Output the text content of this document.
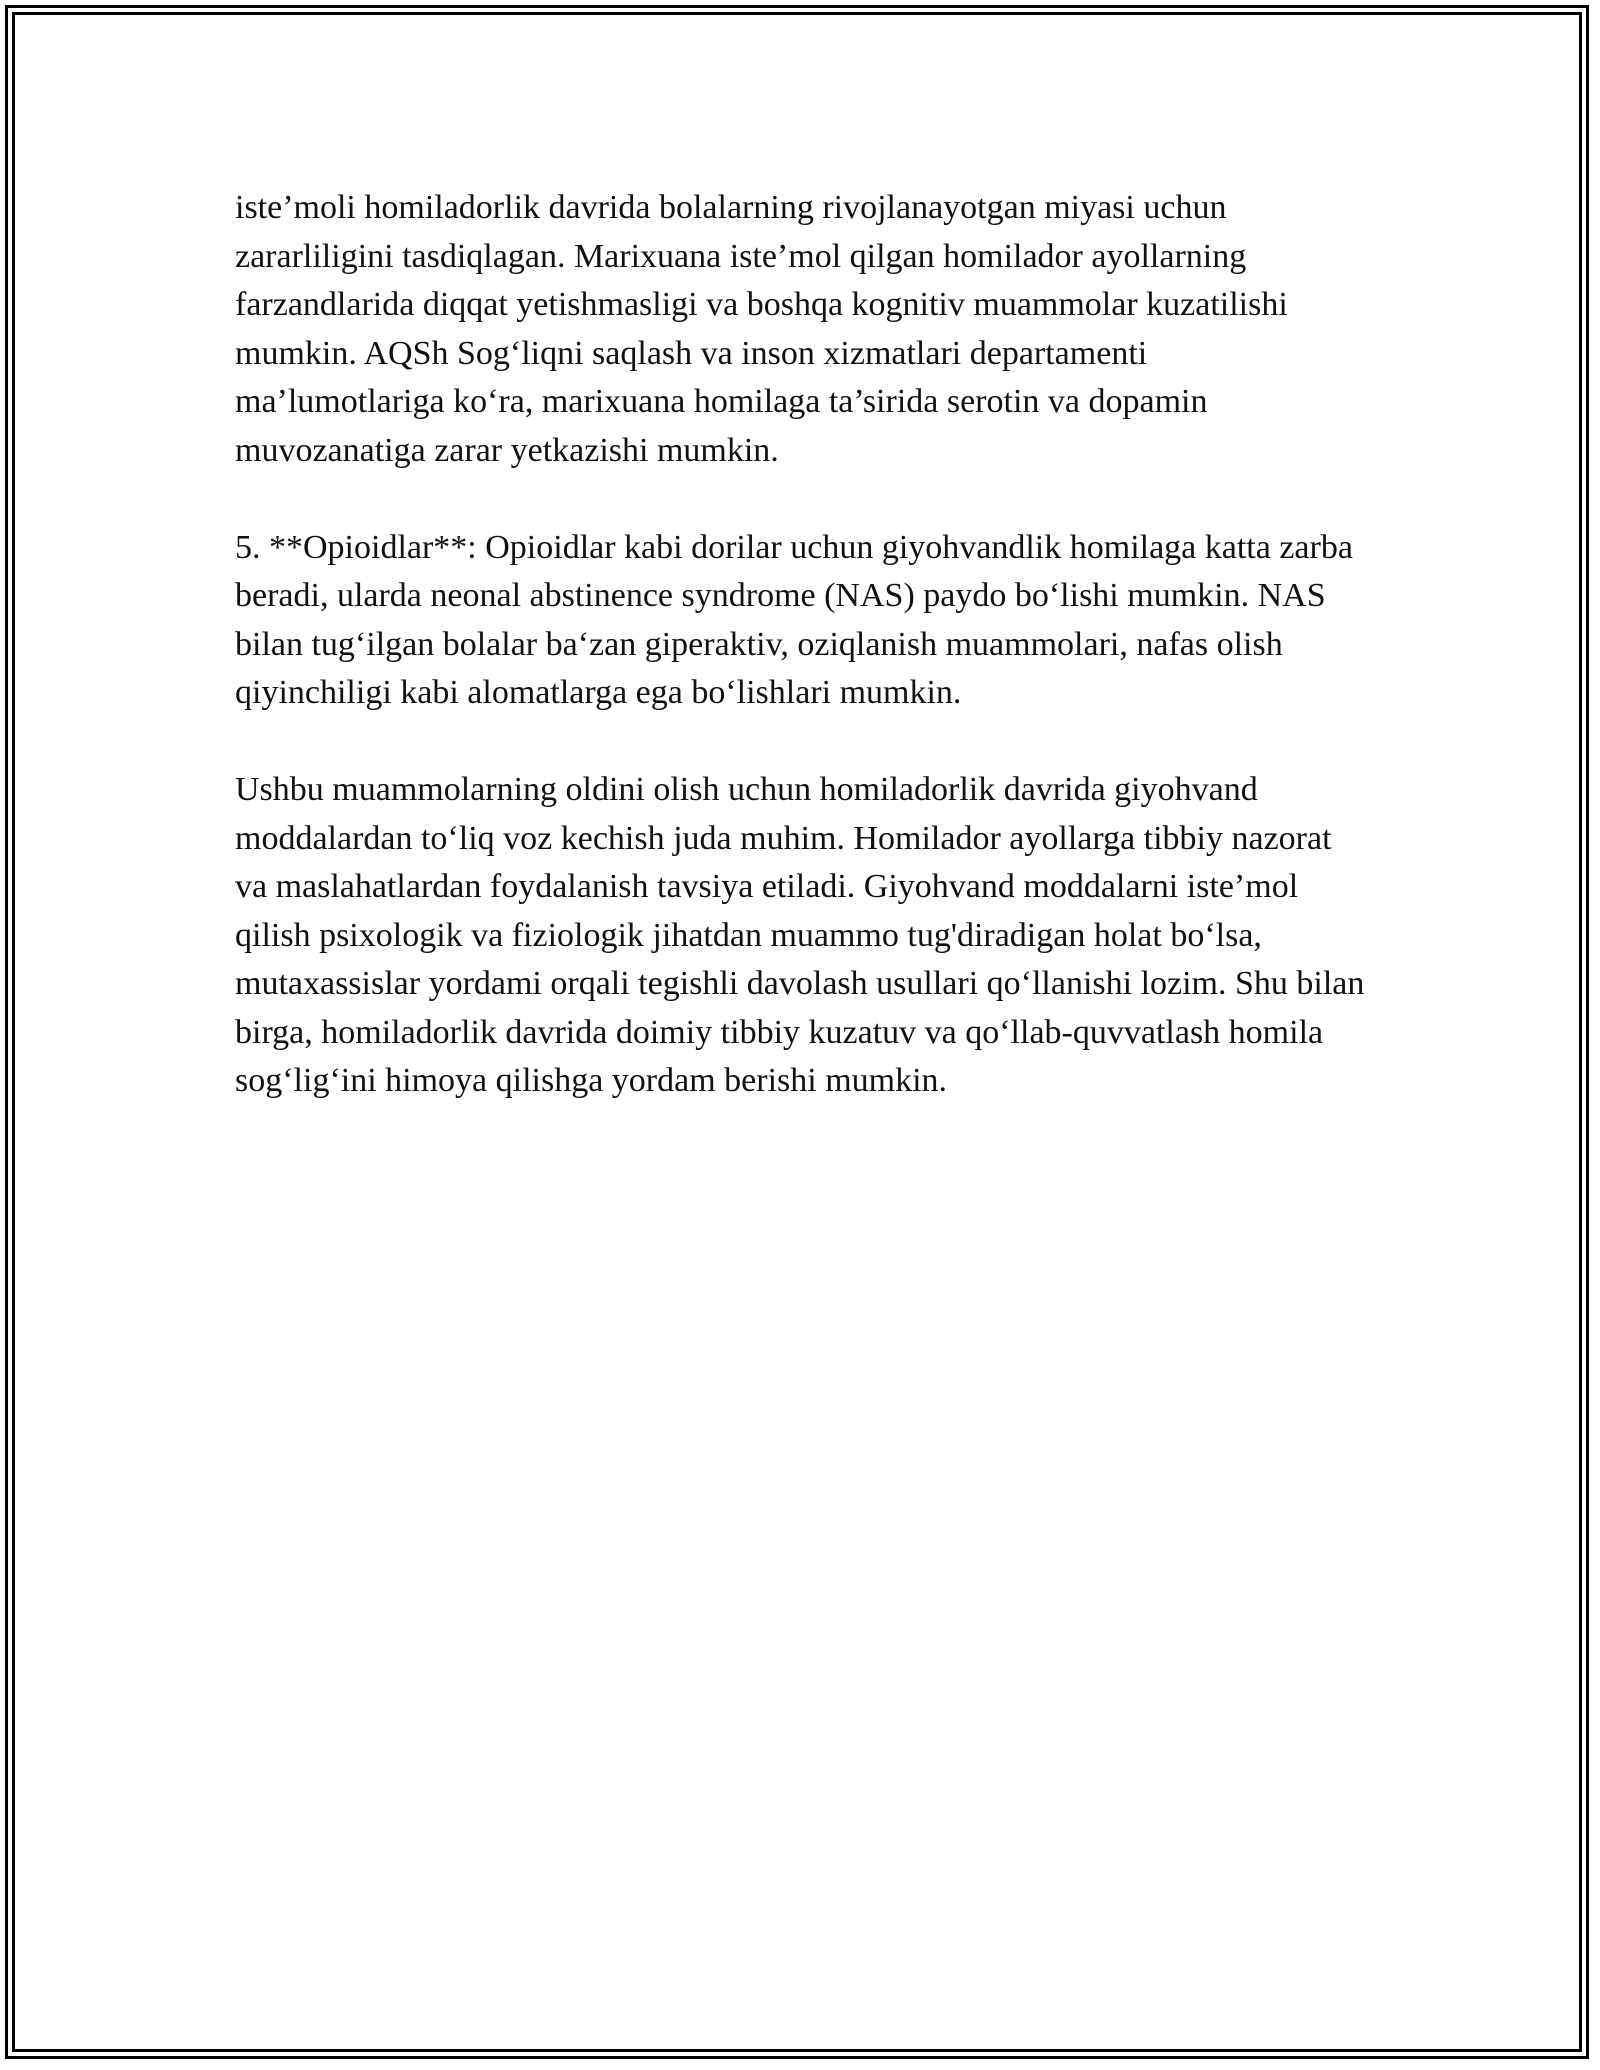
iste’moli homiladorlik davrida bolalarning rivojlanayotgan miyasi uchun zararliligini tasdiqlagan. Marixuana iste’mol qilgan homilador ayollarning farzandlarida diqqat yetishmasligi va boshqa kognitiv muammolar kuzatilishi mumkin. AQSh Sog‘liqni saqlash va inson xizmatlari departamenti ma’lumotlariga ko‘ra, marixuana homilaga ta’sirida serotin va dopamin muvozanatiga zarar yetkazishi mumkin.

5. **Opioidlar**: Opioidlar kabi dorilar uchun giyohvandlik homilaga katta zarba beradi, ularda neonal abstinence syndrome (NAS) paydo bo‘lishi mumkin. NAS bilan tug‘ilgan bolalar ba‘zan giperaktiv, oziqlanish muammolari, nafas olish qiyinchiligi kabi alomatlarga ega bo‘lishlari mumkin.

Ushbu muammolarning oldini olish uchun homiladorlik davrida giyohvand moddalardan to‘liq voz kechish juda muhim. Homilador ayollarga tibbiy nazorat va maslahatlardan foydalanish tavsiya etiladi. Giyohvand moddalarni iste’mol qilish psixologik va fiziologik jihatdan muammo tug'diradigan holat bo‘lsa, mutaxassislar yordami orqali tegishli davolash usullari qo‘llanishi lozim. Shu bilan birga, homiladorlik davrida doimiy tibbiy kuzatuv va qo‘llab-quvvatlash homila sog‘lig‘ini himoya qilishga yordam berishi mumkin.
